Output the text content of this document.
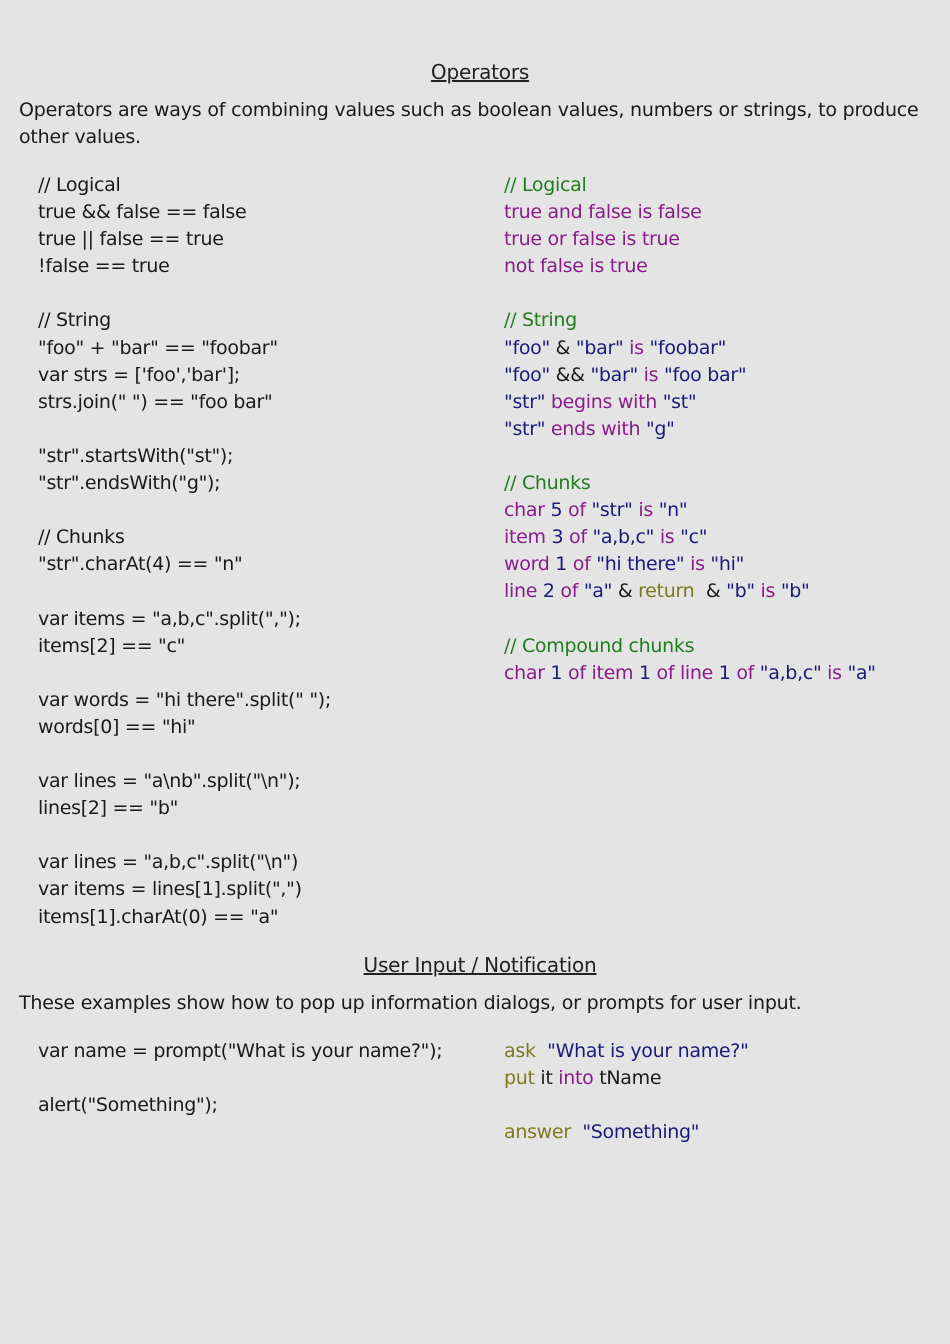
Operators
Operators are ways of combining values such as boolean values, numbers or strings, to produce other values.
// Logical
true && false == false
true || false == true
!false == true
// String
"foo" + "bar" == "foobar"
var strs = ['foo','bar'];
strs.join(" ") == "foo bar"
"str".startsWith("st");
"str".endsWith("g");
// Chunks
"str".charAt(4) == "n"
var items = "a,b,c".split(",");
items[2] == "c"
var words = "hi there".split(" ");
words[0] == "hi"
var lines = "a\nb".split("\n");
lines[2] == "b"
var lines = "a,b,c".split("\n")
var items = lines[1].split(",")
items[1].charAt(0) == "a"
// Logical
true and false is false
true or false is true
not false is true
// String
"foo" & "bar" is "foobar"
"foo" && "bar" is "foo bar"
"str" begins with "st"
"str" ends with "g"
// Chunks
char 5 of "str" is "n"
item 3 of "a,b,c" is "c"
word 1 of "hi there" is "hi"
line 2 of "a" & return  & "b" is "b"
// Compound chunks
char 1 of item 1 of line 1 of "a,b,c" is "a"
User Input / Notification
These examples show how to pop up information dialogs, or prompts for user input.
var name = prompt("What is your name?");
alert("Something");
ask "What is your name?"
put it into tName
answer "Something"
